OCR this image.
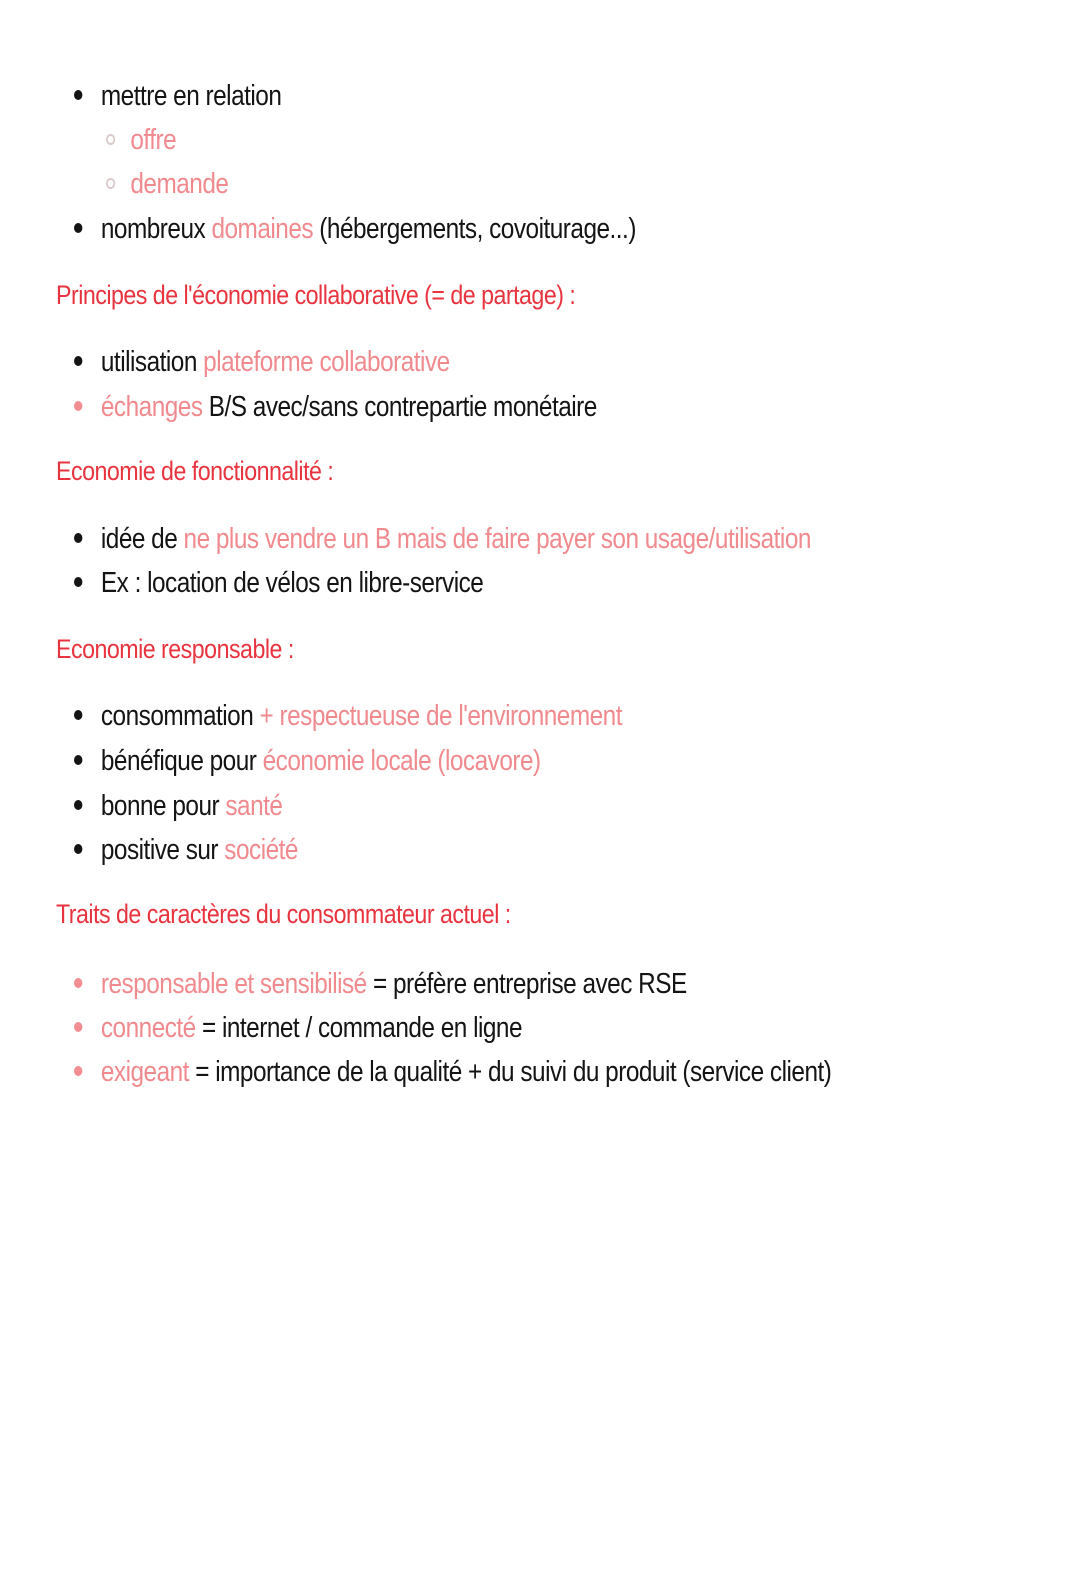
mettre en relation
offre
demande
nombreux domaines (hébergements, covoiturage...)
Principes de l'économie collaborative (= de partage) :
utilisation plateforme collaborative
échanges B/S avec/sans contrepartie monétaire
Economie de fonctionnalité :
idée de ne plus vendre un B mais de faire payer son usage/utilisation
Ex : location de vélos en libre-service
Economie responsable :
consommation + respectueuse de l'environnement
bénéfique pour économie locale (locavore)
bonne pour santé
positive sur société
Traits de caractères du consommateur actuel :
responsable et sensibilisé = préfère entreprise avec RSE
connecté = internet / commande en ligne
exigeant = importance de la qualité + du suivi du produit (service client)
